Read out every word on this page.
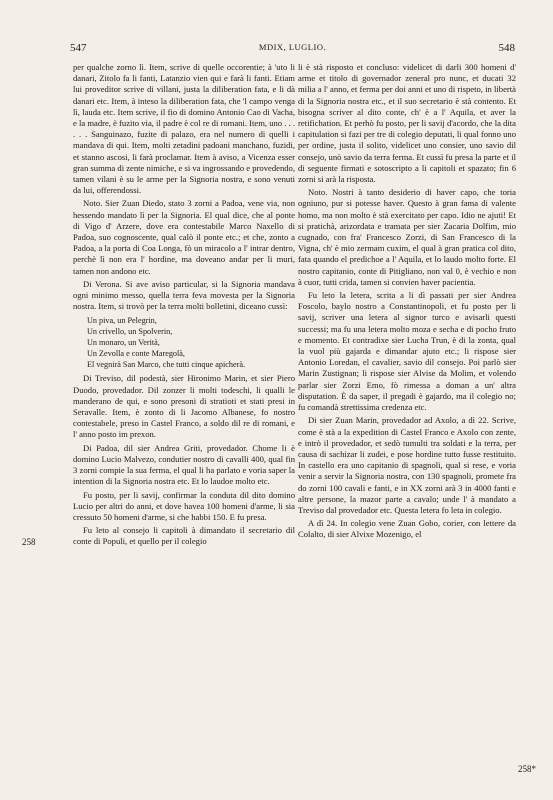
547	MDIX, LUGLIO.	548
258
258*

per qualche zorno lì. Item, scrive di quelle occorentie; à 'uto li danari, Zitolo fa li fanti, Latanzio vien qui e farà li fanti. Etiam lui proveditor scrive di villani, justa la diliberation fata, e li dà danari etc. Item, à inteso la diliberation fata, che 'l campo venga lì, lauda etc. Item scrive, il fio di domino Antonio Cao di Vacha, e la madre, è fuzito via, il padre è col re di romani. Item, uno . . . . . . Sanguinazo, fuzite di palazo, era nel numero di quelli i mandava di qui. Item, molti zetadini padoani manchano, fuzidi, et stanno ascosi, li farà proclamar. Item à aviso, a Vicenza esser gran summa di zente nimiche, e si va ingrossando e provedendo, tamen vilani è su le arme per la Signoria nostra, e sono venuti da lui, offerendossi.

Noto. Sier Zuan Diedo, stato 3 zorni a Padoa, vene via, non hessendo mandato lì per la Signoria. El qual dice, che al ponte di Vigo d' Arzere, dove era contestabile Marco Naxello di Padoa, suo cognoscente, qual calò il ponte etc.; et che, zonto a Padoa, a la porta di Coa Longa, fò un miracolo a l' intrar dentro, perchè lì non era l' hordine, ma doveano andar per li muri, tamen non andono etc.

Di Verona. Si ave aviso particular, si la Signoria mandava ogni minimo messo, quella terra feva movesta per la Signoria nostra. Item, si trovò per la terra molti bolletini, diceano cussì:

Un piva, un Pelegrin,
Un crivello, un Spolverin,
Un monaro, un Verità,
Un Zevolla e conte Maregolà,
El vegnirà San Marco, che tutti cinque apicherà.

Di Treviso, dil podestà, sier Hironimo Marin, et sier Piero Duodo, provedador. Dil zonzer li molti todeschi, li qualli le manderano de qui, e sono presoni di stratioti et stati presi in Seravalle. Item, è zonto di li Jacomo Albanese, fo nostro contestabele, preso in Castel Franco, a soldo dil re di romani, e l' anno posto im prexon.

Di Padoa, dil sier Andrea Griti, provedador. Chome li è domino Lucio Malvezo, condutier nostro di cavalli 400, qual fin 3 zorni compie la sua ferma, el qual li ha parlato e voria saper la intention di la Signoria nostra etc. Et lo laudoe molto etc.

Fu posto, per li savij, confirmar la conduta dil dito domino Lucio per altri do anni, et dove havea 100 homeni d'arme, li sia cressuto 50 homeni d'arme, si che habbi 150. E fu presa.

Fu leto al consejo li capitoli à dimandato il secretario dil conte di Populi, et quello per il colegio

li è stà risposto et concluso: videlicet di darli 300 homeni d' arme et titolo di governador zeneral pro nunc, et ducati 32 milia a l' anno, et ferma per doi anni et uno di rispeto, in libertà di la Signoria nostra etc., et il suo secretario è stà contento. Et bisogna scriver al dito conte, ch' è a l' Aquila, et aver la retifichation. Et perhò fu posto, per li savij d'acordo, che la dita capitulation si fazi per tre di colegio deputati, li qual fonno uno per ordine, justa il solito, videlicet uno consier, uno savio dil consejo, unò savio da terra ferma. Et cussì fu presa la parte et il di seguente firmati e sotoscripto a li capitoli et spazato; fin 6 zorni si arà la risposta.

Noto. Nostri à tanto desiderio di haver capo, che toria ogniuno, pur si potesse haver. Questo à gran fama di valente homo, ma non molto è stà exercitato per capo. Idio ne ajuti! Et si pratichà, arizordata e tramata per sier Zacaria Dolfim, mio cugnado, con fra' Francesco Zorzi, di San Francesco di la Vigna, ch' è mio zermam cuxim, el qual à gran pratica col dito, fata quando el predichoe a l' Aquila, et lo laudo molto forte. El nostro capitanio, conte di Pitigliano, non val 0, è vechio e non à cuor, tutti crida, tamen si convien haver pacientia.

Fu leto la letera, scrita a li dì passati per sier Andrea Foscolo, baylo nostro a Constantinopoli, et fu posto per li savij, scriver una letera al signor turco e avisarli questi successi; ma fu una letera molto moza e secha e di pocho fruto e momento. Et contradixe sier Lucha Trun, è di la zonta, qual la vuol più gajarda e dimandar ajuto etc.; li rispose sier Antonio Loredan, el cavalier, savio dil consejo. Poi parlò sier Marin Zustignan; li rispose sier Alvise da Molim, et volendo parlar sier Zorzi Emo, fò rimessa a doman a un' altra disputation. È da saper, il pregadi è gajardo, ma il colegio no; fu comandà strettissima credenza etc.

Di sier Zuan Marin, provedador ad Axolo, a dì 22. Scrive, come è stà a la expedition di Castel Franco e Axolo con zente, e intrò il provedador, et sedò tumulti tra soldati e la terra, per causa di sachizar li zudei, e pose hordine tutto fusse restituito. In castello era uno capitanio di spagnoli, qual si rese, e voria venir a servir la Signoria nostra, con 130 spagnoli, promete fra do zorni 100 cavali e fanti, e in XX zorni arà 3 in 4000 fanti e altre persone, la mazor parte a cavalo; unde l' à mandato a Treviso dal provedador etc. Questa letera fo leta in colegio.

A dì 24. In colegio vene Zuan Gobo, corier, con lettere da Colalto, di sier Alvixe Mozenigo, el
